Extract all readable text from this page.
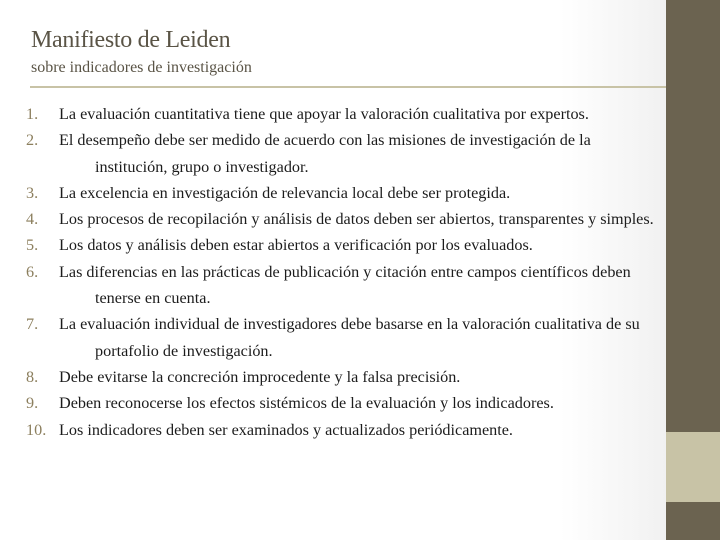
Manifiesto de Leiden
sobre indicadores de investigación
1.	La evaluación cuantitativa tiene que apoyar la valoración cualitativa por expertos.
2.	El desempeño debe ser medido de acuerdo con las misiones de investigación de la institución, grupo o investigador.
3.	La excelencia en investigación de relevancia local debe ser protegida.
4.	Los procesos de recopilación y análisis de datos deben ser abiertos, transparentes y simples.
5.	Los datos y análisis deben estar abiertos a verificación por los evaluados.
6.	Las diferencias en las prácticas de publicación y citación entre campos científicos deben tenerse en cuenta.
7.	La evaluación individual de investigadores debe basarse en la valoración cualitativa de su portafolio de investigación.
8.	Debe evitarse la concreción improcedente y la falsa precisión.
9.	Deben reconocerse los efectos sistémicos de la evaluación y los indicadores.
10. Los indicadores deben ser examinados y actualizados periódicamente.
